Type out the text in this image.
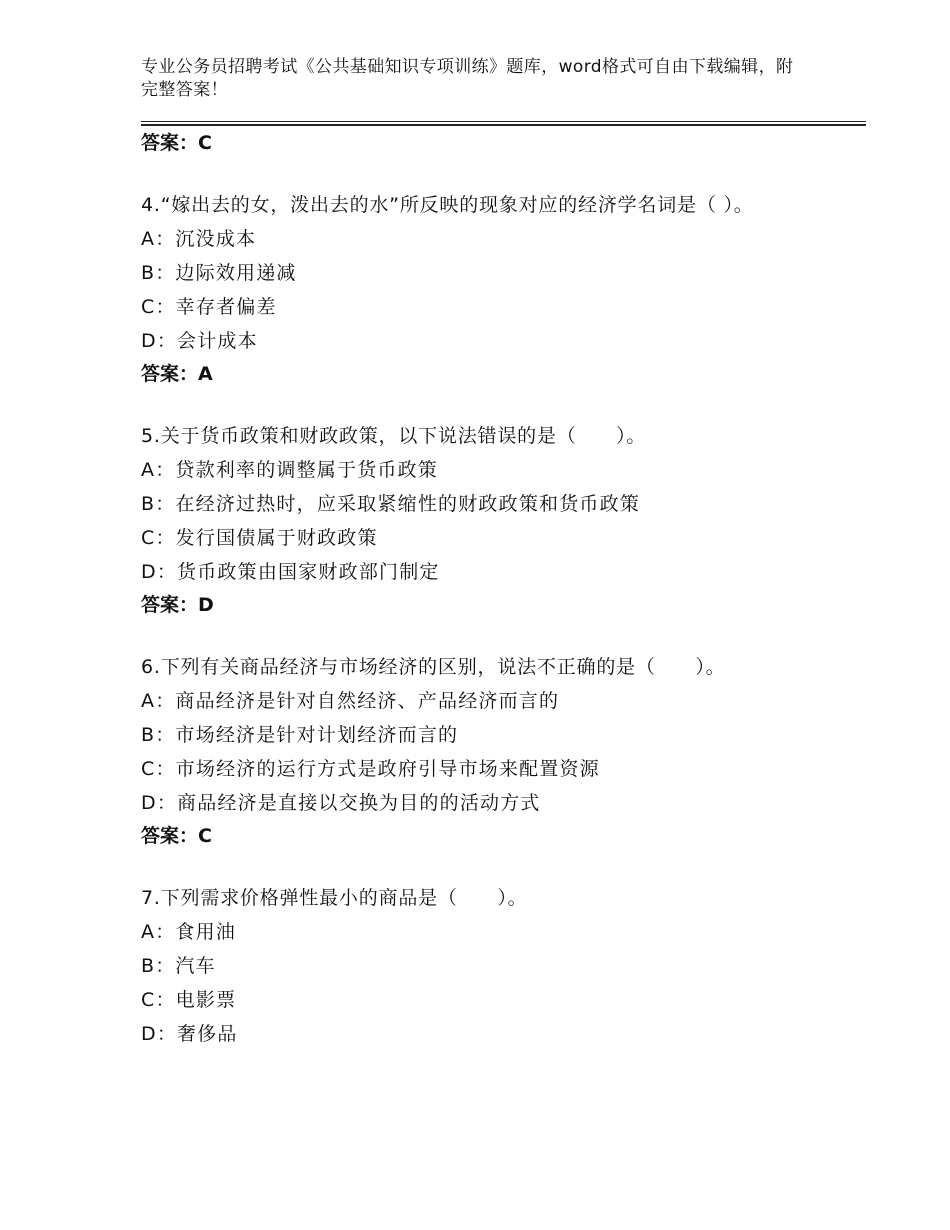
专业公务员招聘考试《公共基础知识专项训练》题库，word格式可自由下载编辑，附完整答案！
答案：C
4.“嫁出去的女，泼出去的水”所反映的现象对应的经济学名词是（ ）。
A：沉没成本
B：边际效用递减
C：幸存者偏差
D：会计成本
答案：A
5.关于货币政策和财政政策，以下说法错误的是（　　）。
A：贷款利率的调整属于货币政策
B：在经济过热时，应采取紧缩性的财政政策和货币政策
C：发行国债属于财政政策
D：货币政策由国家财政部门制定
答案：D
6.下列有关商品经济与市场经济的区别，说法不正确的是（　　）。
A：商品经济是针对自然经济、产品经济而言的
B：市场经济是针对计划经济而言的
C：市场经济的运行方式是政府引导市场来配置资源
D：商品经济是直接以交换为目的的活动方式
答案：C
7.下列需求价格弹性最小的商品是（　　）。
A：食用油
B：汽车
C：电影票
D：奢侈品
